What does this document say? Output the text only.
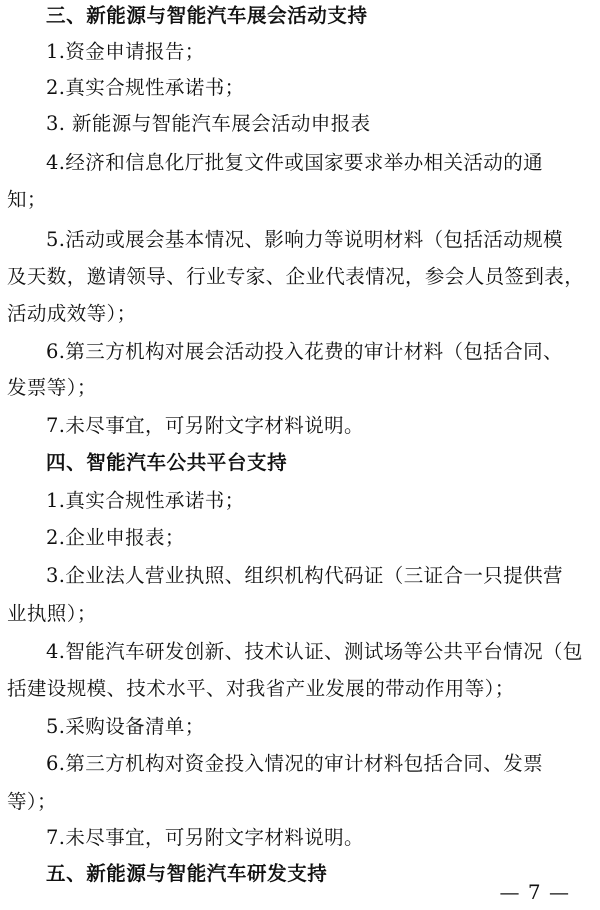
三、新能源与智能汽车展会活动支持
1.资金申请报告；
2.真实合规性承诺书；
3. 新能源与智能汽车展会活动申报表
4.经济和信息化厅批复文件或国家要求举办相关活动的通
知；
5.活动或展会基本情况、影响力等说明材料（包括活动规模
及天数，邀请领导、行业专家、企业代表情况，参会人员签到表，
活动成效等）；
6.第三方机构对展会活动投入花费的审计材料（包括合同、
发票等）；
7.未尽事宜，可另附文字材料说明。
四、智能汽车公共平台支持
1.真实合规性承诺书；
2.企业申报表；
3.企业法人营业执照、组织机构代码证（三证合一只提供营
业执照）；
4.智能汽车研发创新、技术认证、测试场等公共平台情况（包
括建设规模、技术水平、对我省产业发展的带动作用等）；
5.采购设备清单；
6.第三方机构对资金投入情况的审计材料包括合同、发票
等）；
7.未尽事宜，可另附文字材料说明。
五、新能源与智能汽车研发支持
— 7 —
